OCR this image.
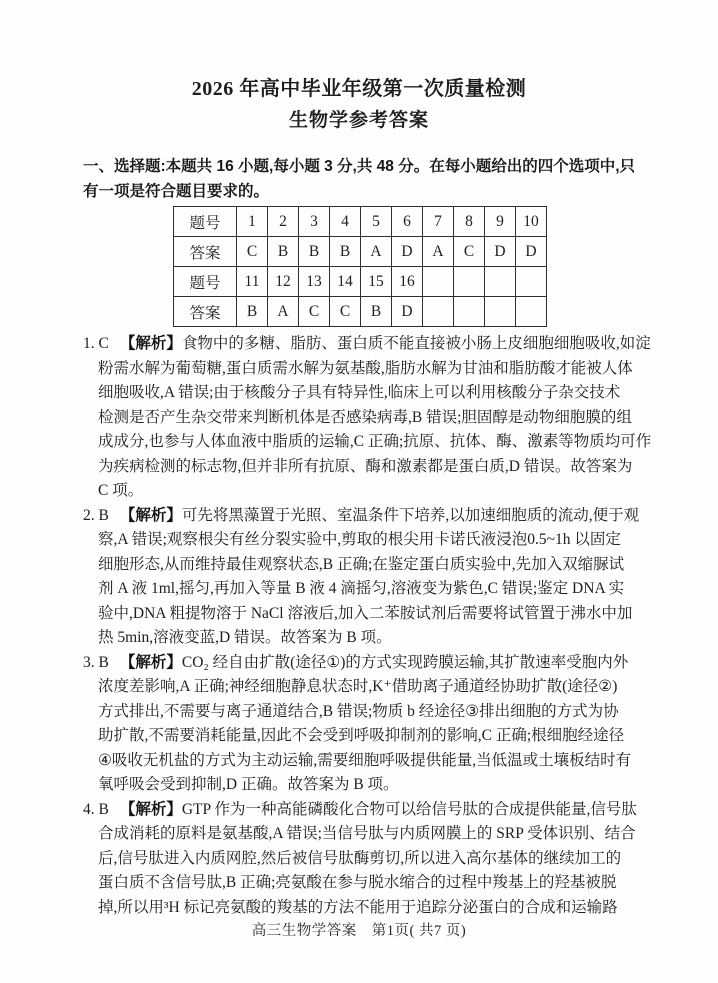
2026 年高中毕业年级第一次质量检测
生物学参考答案
一、选择题:本题共 16 小题,每小题 3 分,共 48 分。在每小题给出的四个选项中,只
有一项是符合题目要求的。
题号	1	2	3	4	5	6	7	8	9	10
答案	C	B	B	B	A	D	A	C	D	D
题号	11	12	13	14	15	16				
答案	B	A	C	C	B	D				
1. C 【解析】食物中的多糖、脂肪、蛋白质不能直接被小肠上皮细胞细胞吸收,如淀
粉需水解为葡萄糖,蛋白质需水解为氨基酸,脂肪水解为甘油和脂肪酸才能被人体
细胞吸收,A 错误;由于核酸分子具有特异性,临床上可以利用核酸分子杂交技术
检测是否产生杂交带来判断机体是否感染病毒,B 错误;胆固醇是动物细胞膜的组
成成分,也参与人体血液中脂质的运输,C 正确;抗原、抗体、酶、激素等物质均可作
为疾病检测的标志物,但并非所有抗原、酶和激素都是蛋白质,D 错误。故答案为
C 项。
2. B 【解析】可先将黑藻置于光照、室温条件下培养,以加速细胞质的流动,便于观
察,A 错误;观察根尖有丝分裂实验中,剪取的根尖用卡诺氏液浸泡0.5~1h 以固定
细胞形态,从而维持最佳观察状态,B 正确;在鉴定蛋白质实验中,先加入双缩脲试
剂 A 液 1ml,摇匀,再加入等量 B 液 4 滴摇匀,溶液变为紫色,C 错误;鉴定 DNA 实
验中,DNA 粗提物溶于 NaCl 溶液后,加入二苯胺试剂后需要将试管置于沸水中加
热 5min,溶液变蓝,D 错误。故答案为 B 项。
3. B 【解析】CO₂ 经自由扩散(途径①)的方式实现跨膜运输,其扩散速率受胞内外
浓度差影响,A 正确;神经细胞静息状态时,K⁺借助离子通道经协助扩散(途径②)
方式排出,不需要与离子通道结合,B 错误;物质 b 经途径③排出细胞的方式为协
助扩散,不需要消耗能量,因此不会受到呼吸抑制剂的影响,C 正确;根细胞经途径
④吸收无机盐的方式为主动运输,需要细胞呼吸提供能量,当低温或土壤板结时有
氧呼吸会受到抑制,D 正确。故答案为 B 项。
4. B 【解析】GTP 作为一种高能磷酸化合物可以给信号肽的合成提供能量,信号肽
合成消耗的原料是氨基酸,A 错误;当信号肽与内质网膜上的 SRP 受体识别、结合
后,信号肽进入内质网腔,然后被信号肽酶剪切,所以进入高尔基体的继续加工的
蛋白质不含信号肽,B 正确;亮氨酸在参与脱水缩合的过程中羧基上的羟基被脱
掉,所以用³H 标记亮氨酸的羧基的方法不能用于追踪分泌蛋白的合成和运输路
高三生物学答案　第1页( 共7 页)
